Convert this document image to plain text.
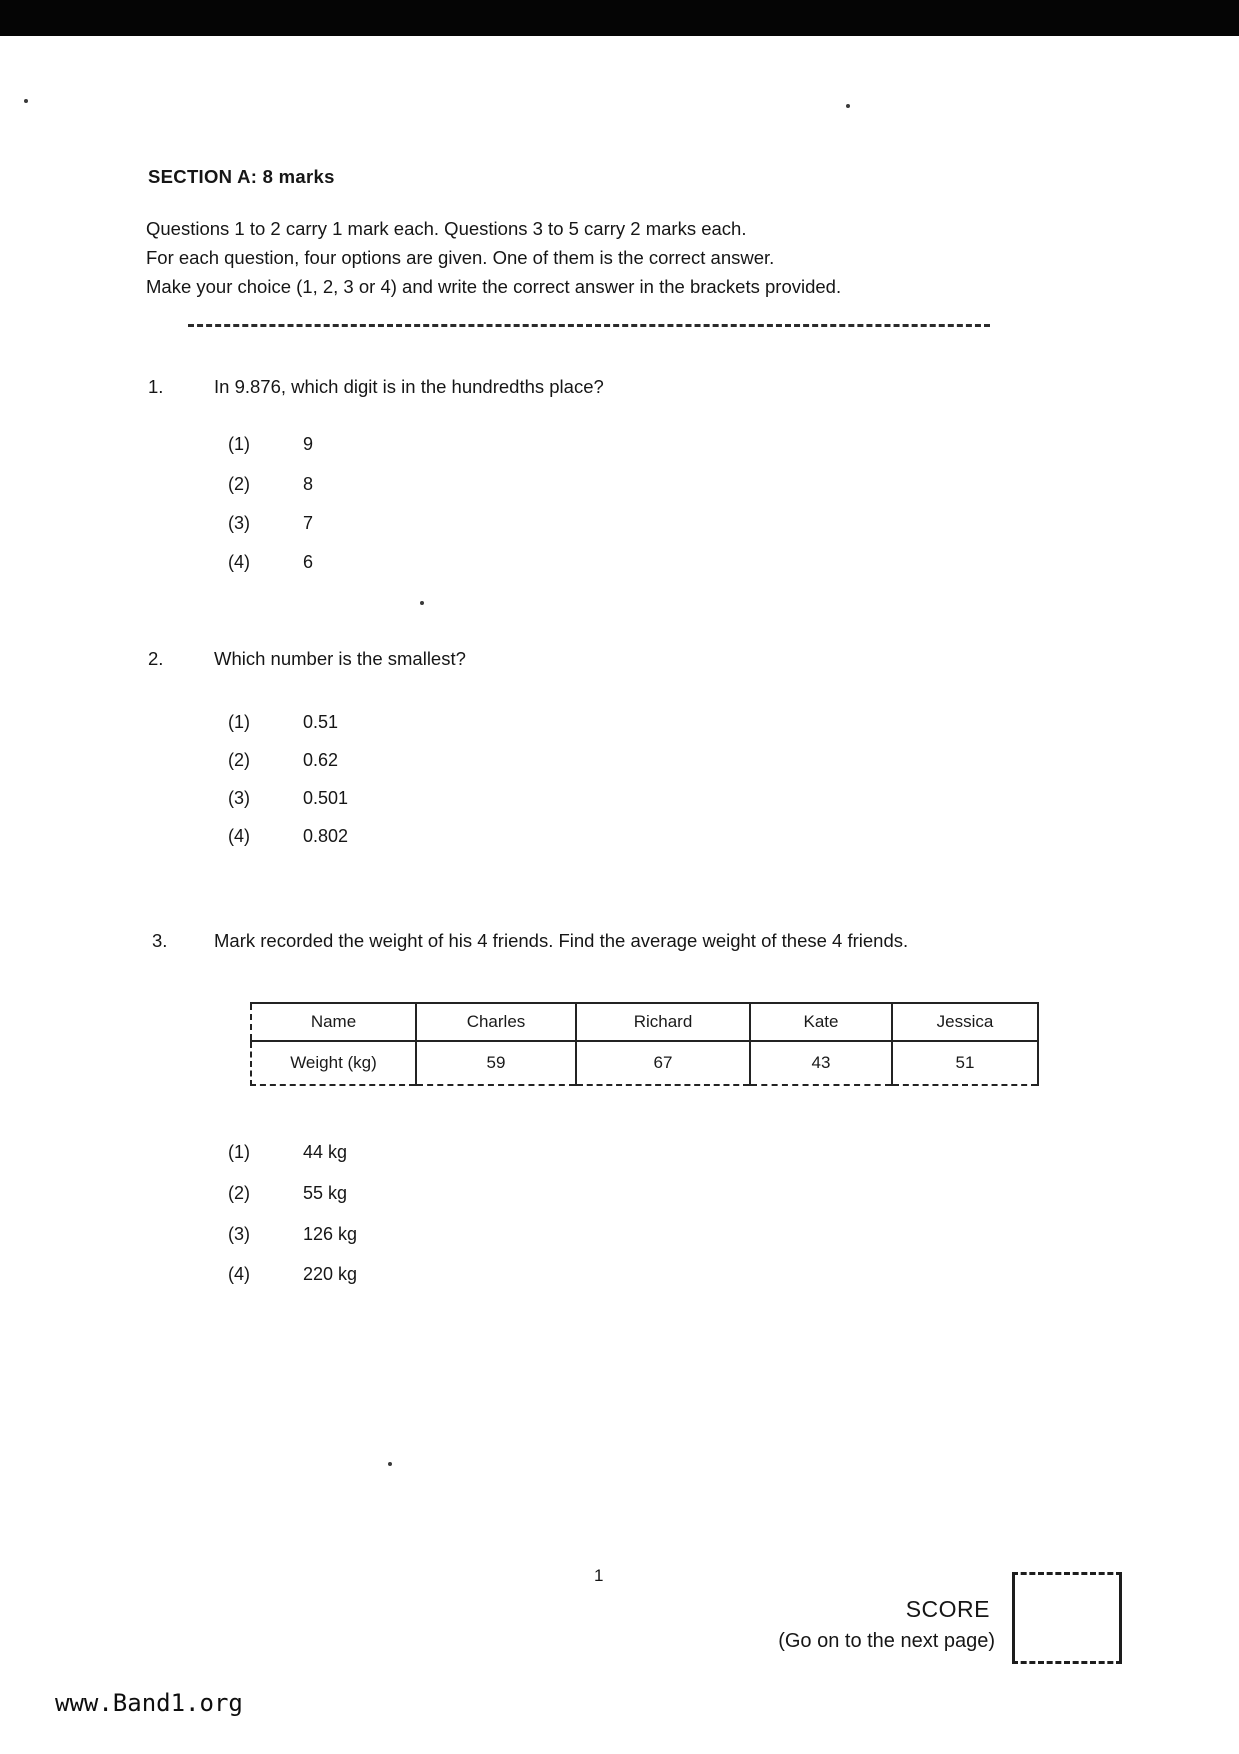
SECTION A: 8 marks
Questions 1 to 2 carry 1 mark each. Questions 3 to 5 carry 2 marks each.
For each question, four options are given. One of them is the correct answer.
Make your choice (1, 2, 3 or 4) and write the correct answer in the brackets provided.
1.	In 9.876, which digit is in the hundredths place?
(1)	9
(2)	8
(3)	7
(4)	6
2.	Which number is the smallest?
(1)	0.51
(2)	0.62
(3)	0.501
(4)	0.802
3.	Mark recorded the weight of his 4 friends. Find the average weight of these 4 friends.
Name	Charles	Richard	Kate	Jessica
Weight (kg)	59	67	43	51
(1)	44 kg
(2)	55 kg
(3)	126 kg
(4)	220 kg
1
SCORE
(Go on to the next page)
www.Band1.org
